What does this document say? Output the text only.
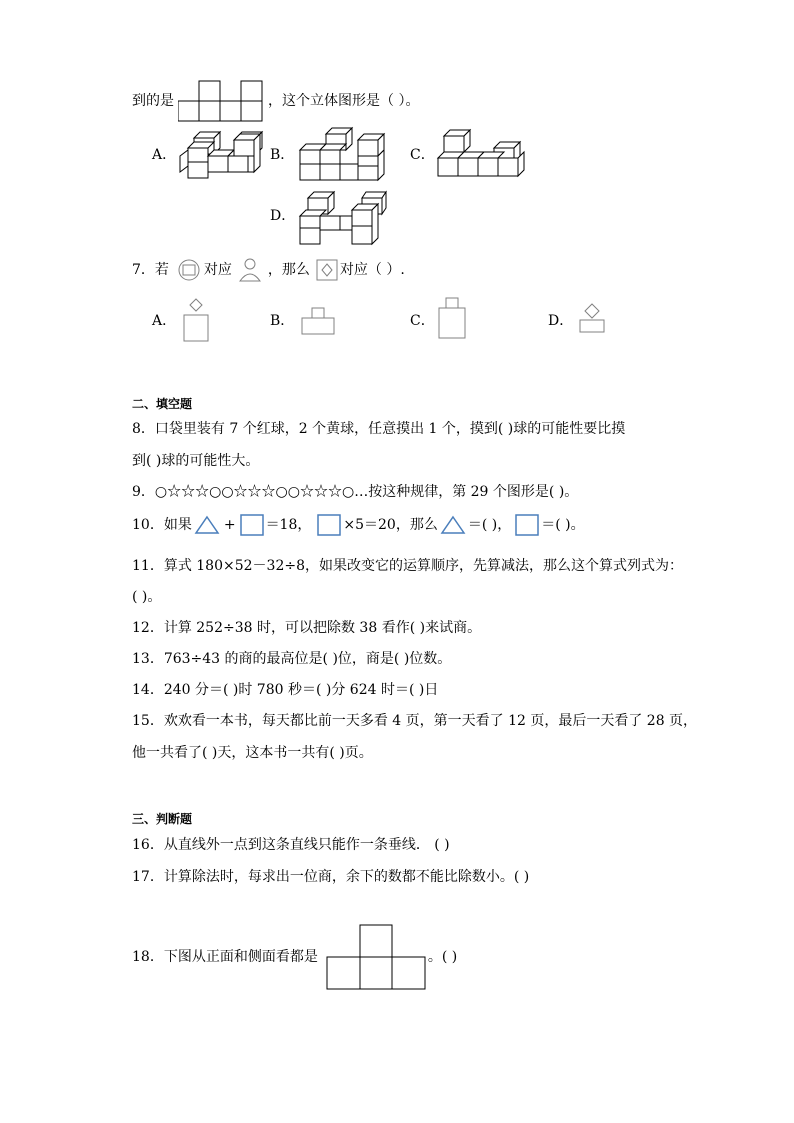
到的是	，这个立体图形是（ ）。
A．	B．	C．
D．
7．若	对应	，那么 对应（ ）.
A．	B．	C．	D．
二、填空题
8．口袋里装有 7 个红球，2 个黄球，任意摸出 1 个，摸到( )球的可能性要比摸
到( )球的可能性大。
9．○☆☆☆○○☆☆☆○○☆☆☆○…按这种规律，第 29 个图形是( )。
10．如果 + ＝18， ×5＝20，那么 ＝( )， ＝( )。
11．算式 180×52－32÷8，如果改变它的运算顺序，先算减法，那么这个算式列式为：
( )。
12．计算 252÷38 时，可以把除数 38 看作( )来试商。
13．763÷43 的商的最高位是( )位，商是( )位数。
14．240 分＝( )时 780 秒＝( )分 624 时＝( )日
15．欢欢看一本书，每天都比前一天多看 4 页，第一天看了 12 页，最后一天看了 28 页，
他一共看了( )天，这本书一共有( )页。
三、判断题
16．从直线外一点到这条直线只能作一条垂线． ( )
17．计算除法时，每求出一位商，余下的数都不能比除数小。( )
18．下图从正面和侧面看都是	。( )
